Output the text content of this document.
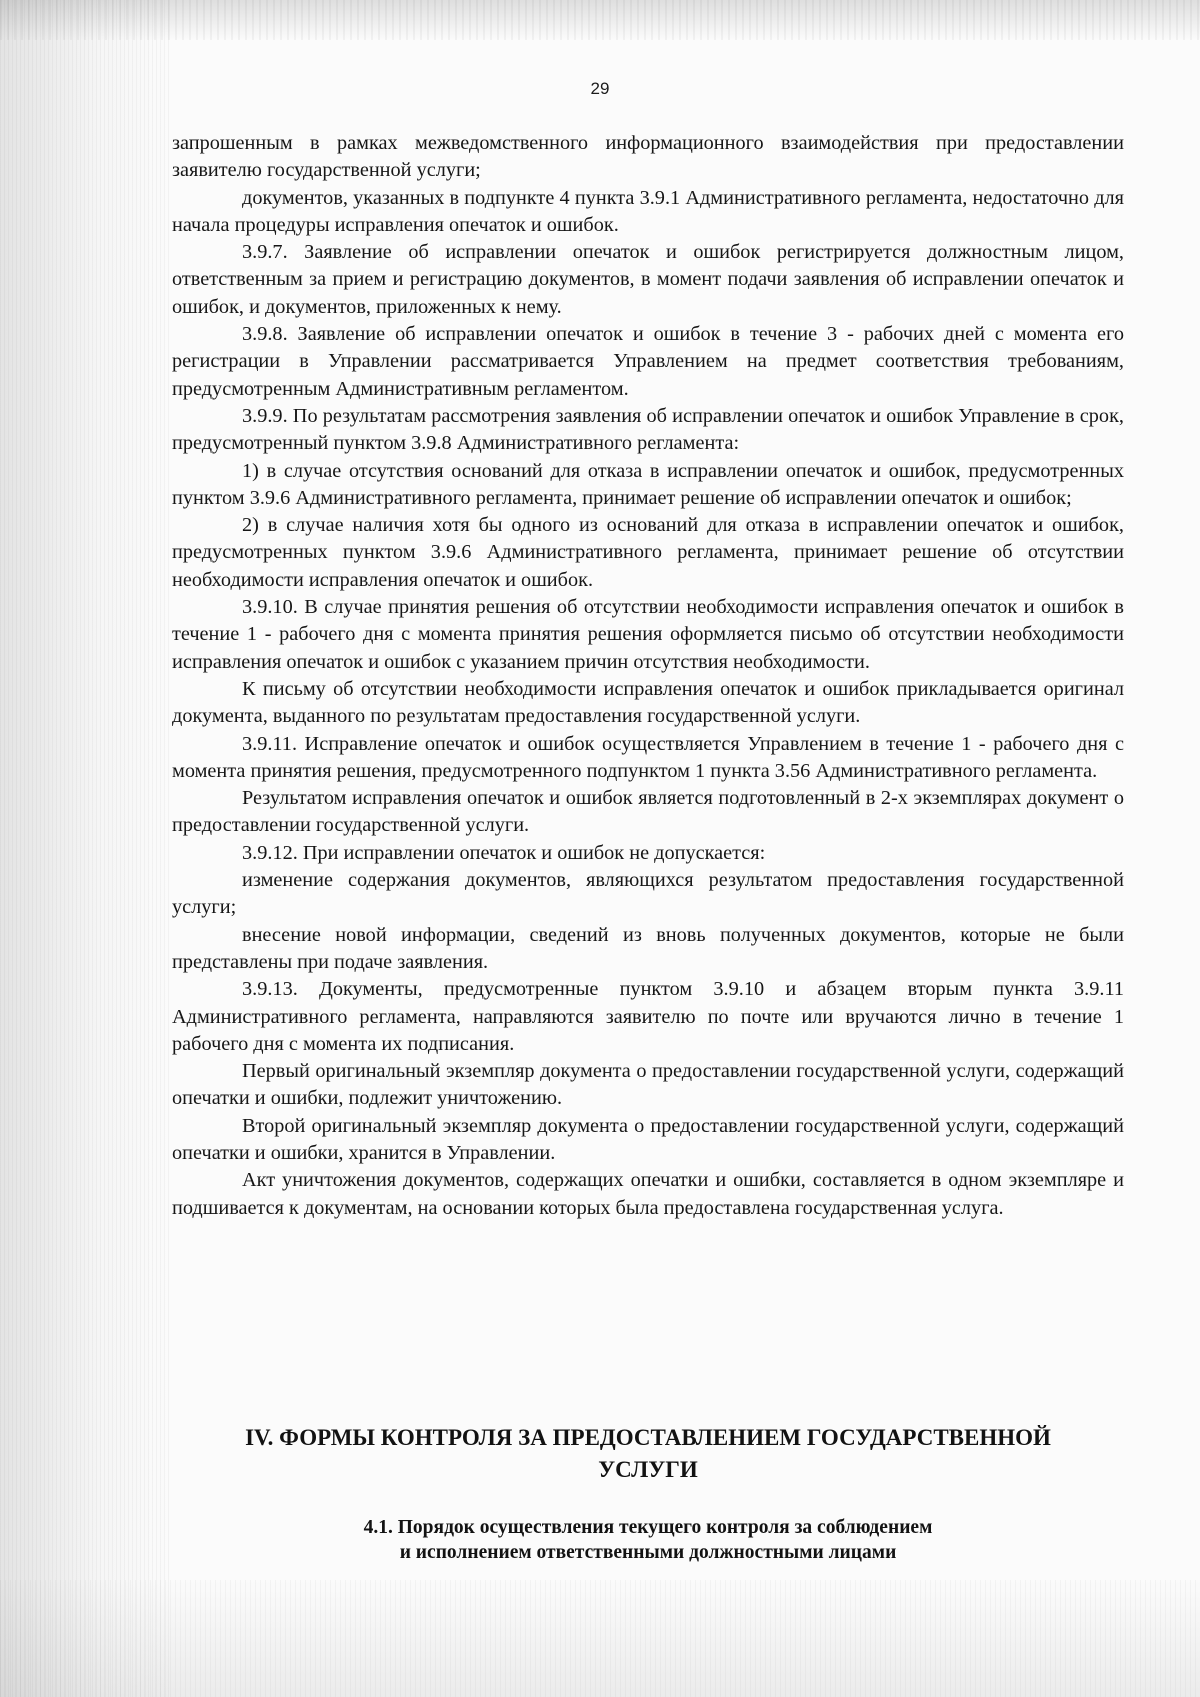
29

запрошенным в рамках межведомственного информационного взаимодействия при предоставлении заявителю государственной услуги;

документов, указанных в подпункте 4 пункта 3.9.1 Административного регламента, недостаточно для начала процедуры исправления опечаток и ошибок.

3.9.7. Заявление об исправлении опечаток и ошибок регистрируется должностным лицом, ответственным за прием и регистрацию документов, в момент подачи заявления об исправлении опечаток и ошибок, и документов, приложенных к нему.

3.9.8. Заявление об исправлении опечаток и ошибок в течение 3 - рабочих дней с момента его регистрации в Управлении рассматривается Управлением на предмет соответствия требованиям, предусмотренным Административным регламентом.

3.9.9. По результатам рассмотрения заявления об исправлении опечаток и ошибок Управление в срок, предусмотренный пунктом 3.9.8 Административного регламента:

1) в случае отсутствия оснований для отказа в исправлении опечаток и ошибок, предусмотренных пунктом 3.9.6 Административного регламента, принимает решение об исправлении опечаток и ошибок;

2) в случае наличия хотя бы одного из оснований для отказа в исправлении опечаток и ошибок, предусмотренных пунктом 3.9.6 Административного регламента, принимает решение об отсутствии необходимости исправления опечаток и ошибок.

3.9.10. В случае принятия решения об отсутствии необходимости исправления опечаток и ошибок в течение 1 - рабочего дня с момента принятия решения оформляется письмо об отсутствии необходимости исправления опечаток и ошибок с указанием причин отсутствия необходимости.

К письму об отсутствии необходимости исправления опечаток и ошибок прикладывается оригинал документа, выданного по результатам предоставления государственной услуги.

3.9.11. Исправление опечаток и ошибок осуществляется Управлением в течение 1 - рабочего дня с момента принятия решения, предусмотренного подпунктом 1 пункта 3.56 Административного регламента.

Результатом исправления опечаток и ошибок является подготовленный в 2-х экземплярах документ о предоставлении государственной услуги.

3.9.12. При исправлении опечаток и ошибок не допускается:

изменение содержания документов, являющихся результатом предоставления государственной услуги;

внесение новой информации, сведений из вновь полученных документов, которые не были представлены при подаче заявления.

3.9.13. Документы, предусмотренные пунктом 3.9.10 и абзацем вторым пункта 3.9.11 Административного регламента, направляются заявителю по почте или вручаются лично в течение 1 рабочего дня с момента их подписания.

Первый оригинальный экземпляр документа о предоставлении государственной услуги, содержащий опечатки и ошибки, подлежит уничтожению.

Второй оригинальный экземпляр документа о предоставлении государственной услуги, содержащий опечатки и ошибки, хранится в Управлении.

Акт уничтожения документов, содержащих опечатки и ошибки, составляется в одном экземпляре и подшивается к документам, на основании которых была предоставлена государственная услуга.

IV. ФОРМЫ КОНТРОЛЯ ЗА ПРЕДОСТАВЛЕНИЕМ ГОСУДАРСТВЕННОЙ
УСЛУГИ
4.1. Порядок осуществления текущего контроля за соблюдением
и исполнением ответственными должностными лицами
